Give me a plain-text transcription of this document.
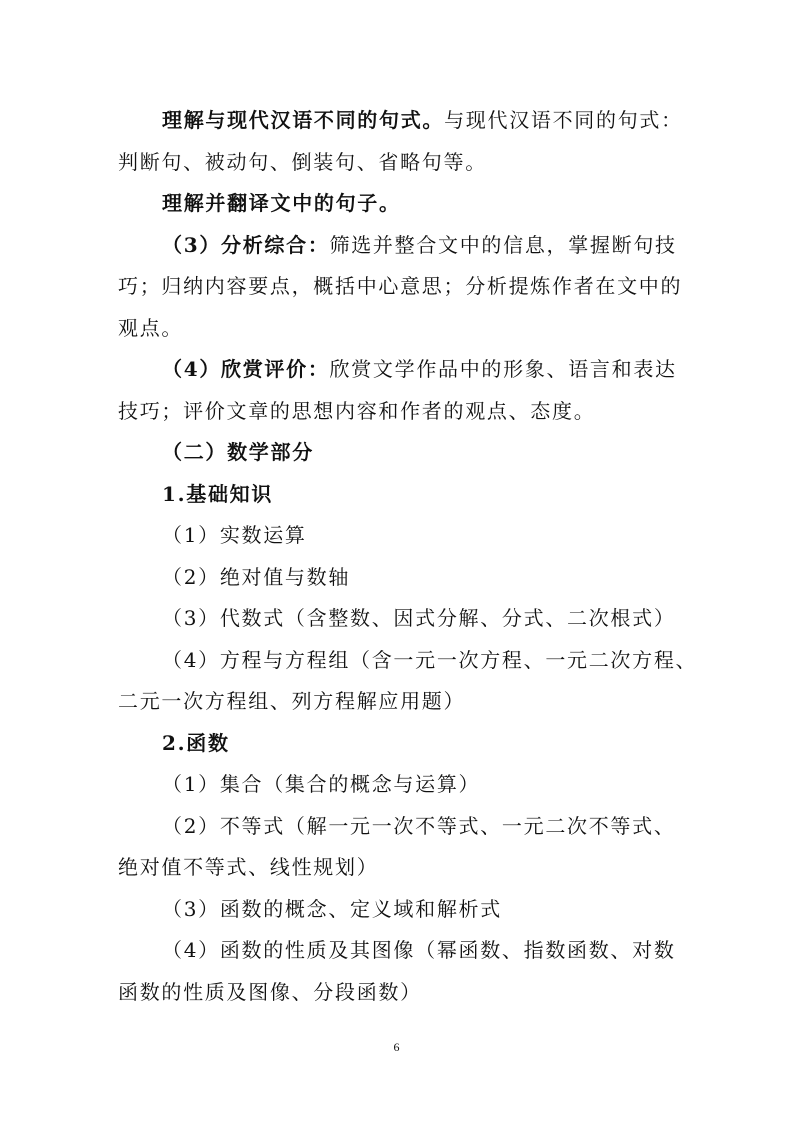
理解与现代汉语不同的句式。与现代汉语不同的句式：

判断句、被动句、倒装句、省略句等。

理解并翻译文中的句子。

（3）分析综合：筛选并整合文中的信息，掌握断句技

巧；归纳内容要点，概括中心意思；分析提炼作者在文中的

观点。

（4）欣赏评价：欣赏文学作品中的形象、语言和表达

技巧；评价文章的思想内容和作者的观点、态度。

（二）数学部分

1.基础知识

（1）实数运算

（2）绝对值与数轴

（3）代数式（含整数、因式分解、分式、二次根式）

（4）方程与方程组（含一元一次方程、一元二次方程、

二元一次方程组、列方程解应用题）

2.函数

（1）集合（集合的概念与运算）

（2）不等式（解一元一次不等式、一元二次不等式、

绝对值不等式、线性规划）

（3）函数的概念、定义域和解析式

（4）函数的性质及其图像（幂函数、指数函数、对数

函数的性质及图像、分段函数）

6
